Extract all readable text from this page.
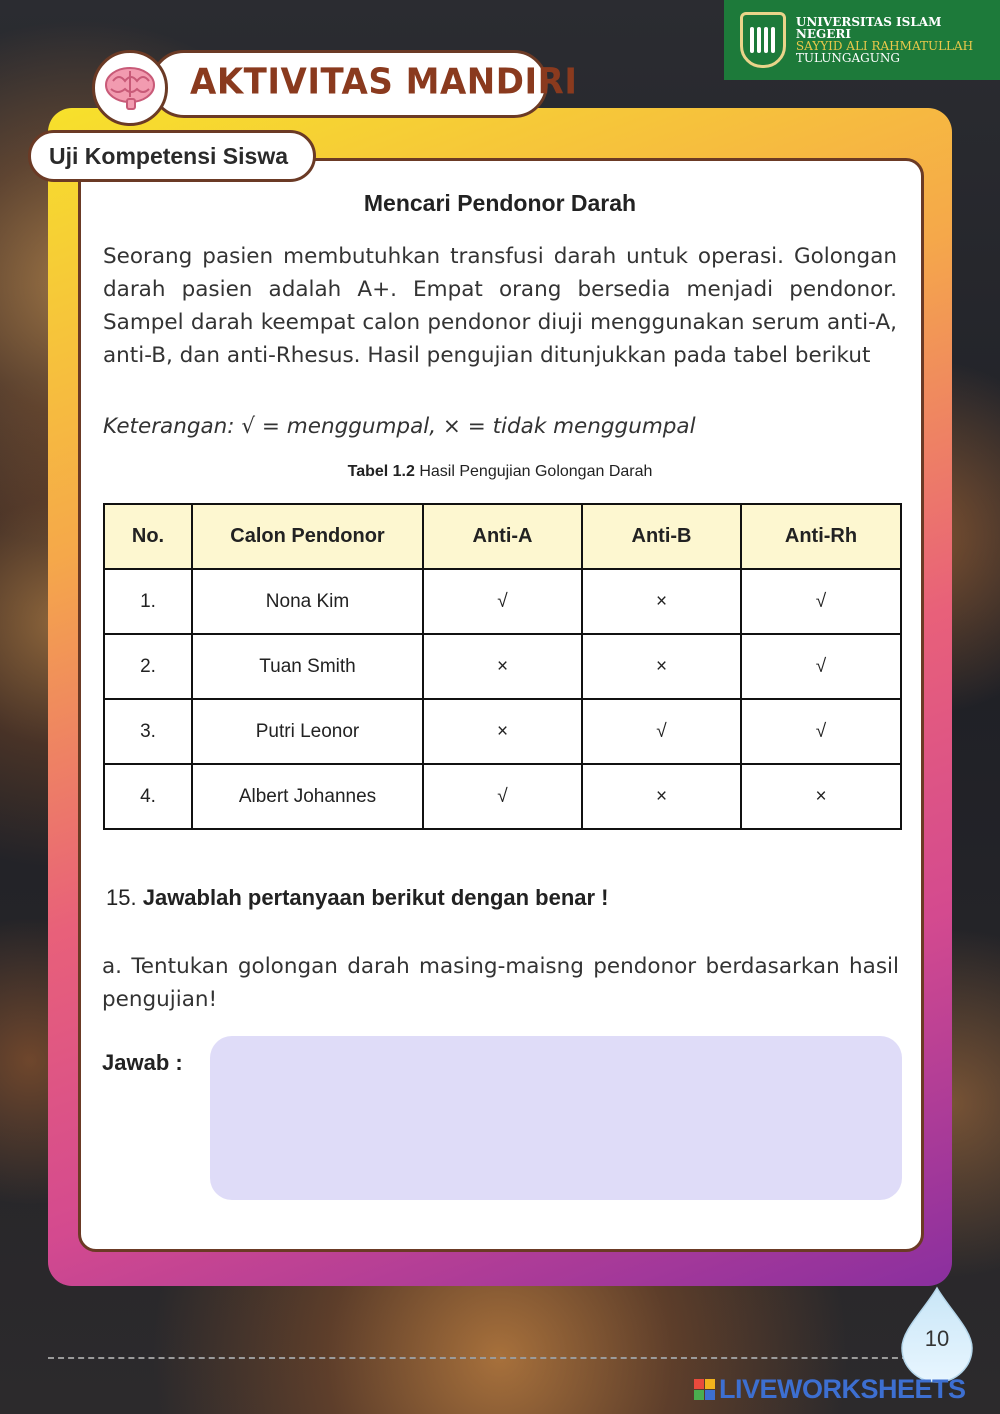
UNIVERSITAS ISLAM NEGERI
SAYYID ALI RAHMATULLAH
TULUNGAGUNG
AKTIVITAS MANDIRI
Uji Kompetensi Siswa
Mencari Pendonor Darah
Seorang pasien membutuhkan transfusi darah untuk operasi. Golongan darah pasien adalah A+. Empat orang bersedia menjadi pendonor. Sampel darah keempat calon pendonor diuji menggunakan serum anti-A, anti-B, dan anti-Rhesus. Hasil pengujian ditunjukkan pada tabel berikut
Keterangan: √ = menggumpal, × = tidak menggumpal
Tabel 1.2 Hasil Pengujian Golongan Darah
No.	Calon Pendonor	Anti-A	Anti-B	Anti-Rh
1.	Nona Kim	√	×	√
2.	Tuan Smith	×	×	√
3.	Putri Leonor	×	√	√
4.	Albert Johannes	√	×	×
15. Jawablah pertanyaan berikut dengan benar !
a. Tentukan golongan darah masing-maisng pendonor berdasarkan hasil pengujian!
Jawab :
10
LIVEWORKSHEETS
